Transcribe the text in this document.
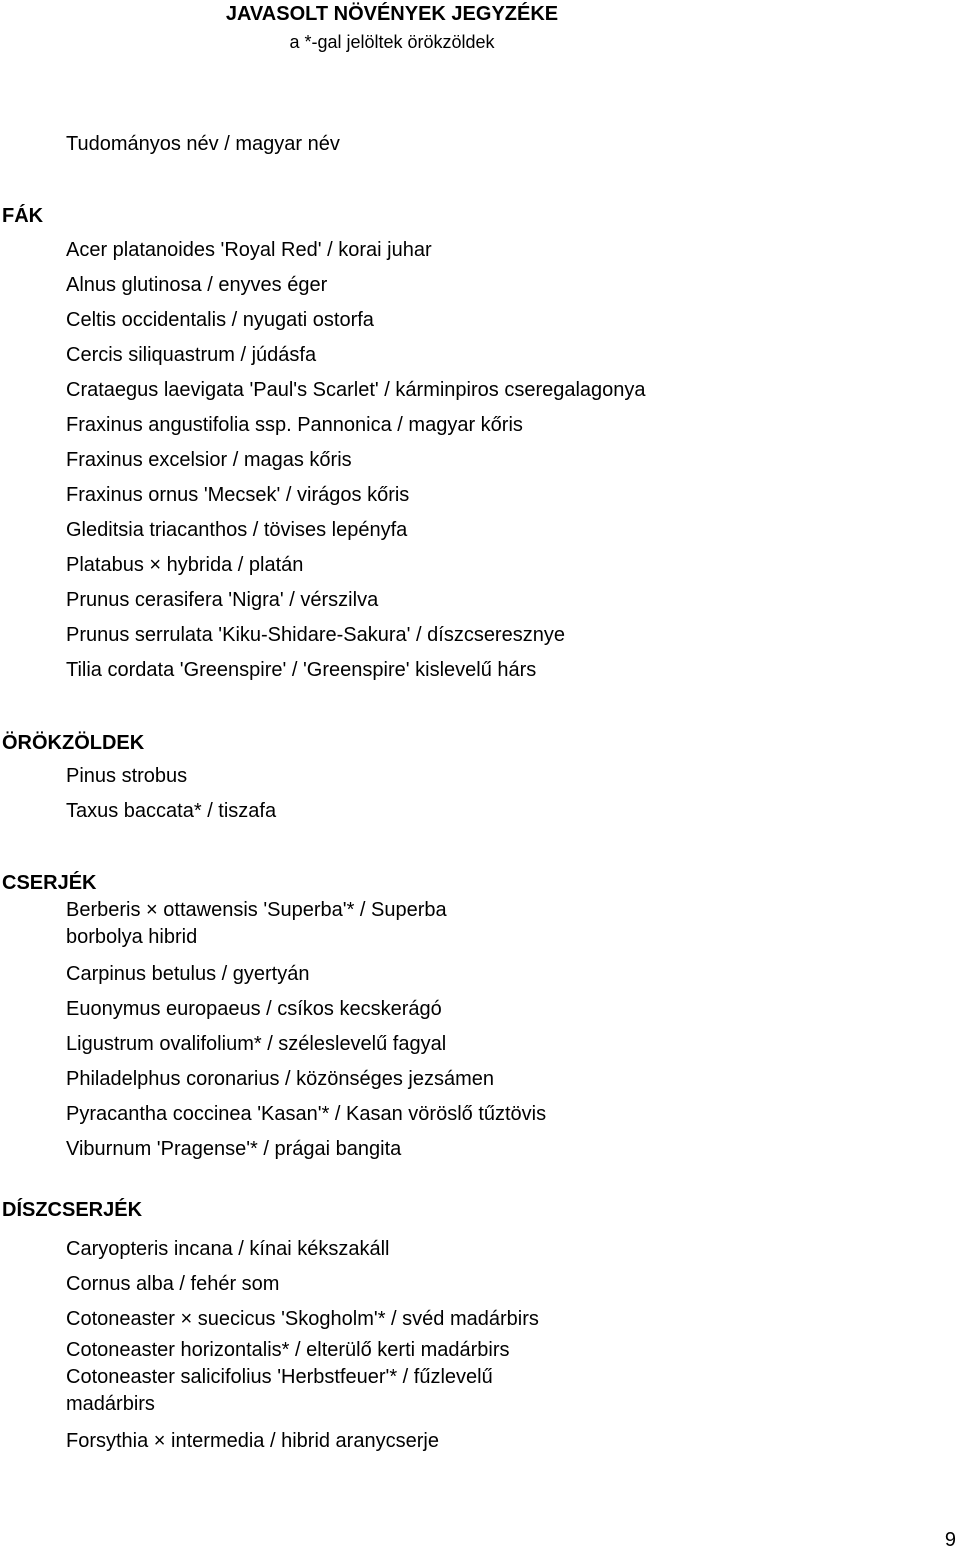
JAVASOLT NÖVÉNYEK JEGYZÉKE
a *-gal jelöltek örökzöldek
Tudományos név / magyar név
FÁK
Acer platanoides 'Royal Red' / korai juhar
Alnus glutinosa / enyves éger
Celtis occidentalis / nyugati ostorfa
Cercis siliquastrum / júdásfa
Crataegus laevigata 'Paul's Scarlet' / kárminpiros cseregalagonya
Fraxinus angustifolia ssp. Pannonica / magyar kőris
Fraxinus excelsior / magas kőris
Fraxinus ornus 'Mecsek' / virágos kőris
Gleditsia triacanthos / tövises lepényfa
Platabus × hybrida / platán
Prunus cerasifera 'Nigra' / vérszilva
Prunus serrulata 'Kiku-Shidare-Sakura' / díszcseresznye
Tilia cordata 'Greenspire' / 'Greenspire' kislevelű hárs
ÖRÖKZÖLDEK
Pinus strobus
Taxus baccata* / tiszafa
CSERJÉK
Berberis × ottawensis 'Superba'* / Superba borbolya hibrid
Carpinus betulus / gyertyán
Euonymus europaeus / csíkos kecskerágó
Ligustrum ovalifolium* / széleslevelű fagyal
Philadelphus coronarius / közönséges jezsámen
Pyracantha coccinea 'Kasan'* / Kasan vöröslő tűztövis
Viburnum 'Pragense'* / prágai bangita
DÍSZCSERJÉK
Caryopteris incana / kínai kékszakáll
Cornus alba / fehér som
Cotoneaster × suecicus 'Skogholm'* / svéd madárbirs
Cotoneaster horizontalis* / elterülő kerti madárbirs
Cotoneaster salicifolius 'Herbstfeuer'* / fűzlevelű madárbirs
Forsythia × intermedia / hibrid aranycserje
9
